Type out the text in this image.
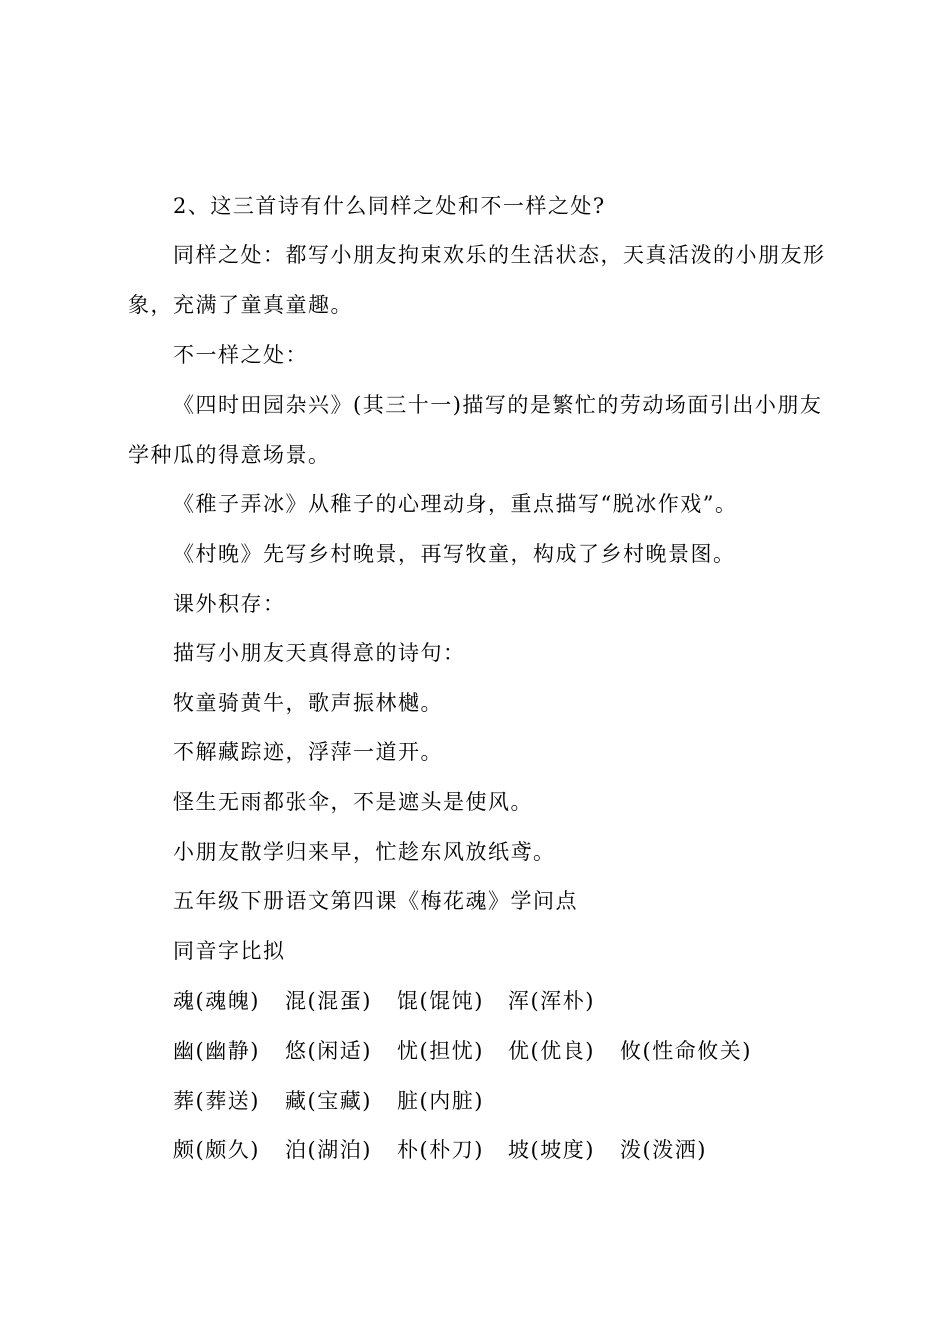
2、这三首诗有什么同样之处和不一样之处?
同样之处：都写小朋友拘束欢乐的生活状态，天真活泼的小朋友形
象，充满了童真童趣。
不一样之处：
《四时田园杂兴》(其三十一)描写的是繁忙的劳动场面引出小朋友
学种瓜的得意场景。
《稚子弄冰》从稚子的心理动身，重点描写“脱冰作戏”。
《村晚》先写乡村晚景，再写牧童，构成了乡村晚景图。
课外积存：
描写小朋友天真得意的诗句：
牧童骑黄牛，歌声振林樾。
不解藏踪迹，浮萍一道开。
怪生无雨都张伞，不是遮头是使风。
小朋友散学归来早，忙趁东风放纸鸢。
五年级下册语文第四课《梅花魂》学问点
同音字比拟
魂(魂魄) 混(混蛋) 馄(馄饨) 浑(浑朴)
幽(幽静) 悠(闲适) 忧(担忧) 优(优良) 攸(性命攸关)
葬(葬送) 藏(宝藏) 脏(内脏)
颇(颇久) 泊(湖泊) 朴(朴刀) 坡(坡度) 泼(泼洒)
